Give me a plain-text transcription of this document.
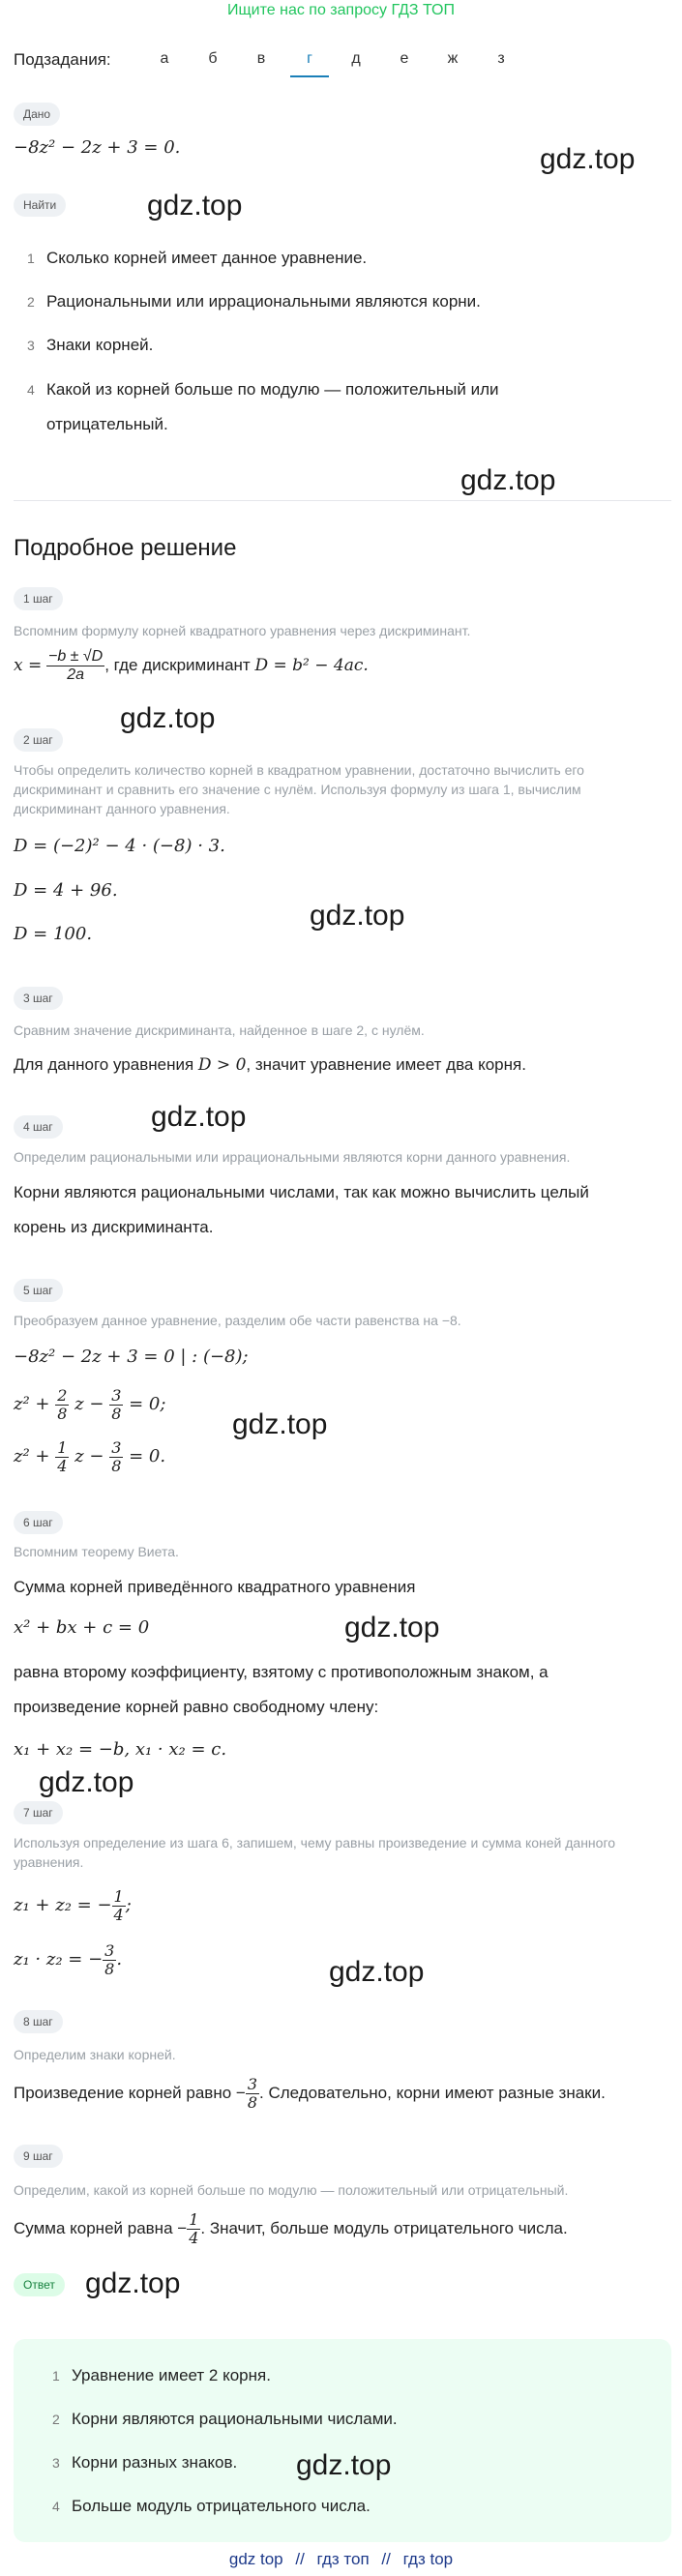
Ищите нас по запросу ГДЗ ТОП
Подзадания:	а	б	в	г	д	е	ж	з
Дано
−8z² − 2z + 3 = 0.	gdz.top
Найти	gdz.top
1 Сколько корней имеет данное уравнение.
2 Рациональными или иррациональными являются корни.
3 Знаки корней.
4 Какой из корней больше по модулю — положительный или
отрицательный.
gdz.top
Подробное решение
1 шаг
Вспомним формулу корней квадратного уравнения через дискриминант.
$x = \frac{-b \pm √D}{2a}$ , где дискриминант D = b² − 4ac.
gdz.top
2 шаг
Чтобы определить количество корней в квадратном уравнении, достаточно вычислить его дискриминант и сравнить его значение с нулём. Используя формулу из шага 1, вычислим дискриминант данного уравнения.
D = (−2)² − 4 · (−8) · 3.
D = 4 + 96.
gdz.top
D = 100.
3 шаг
Сравним значение дискриминанта, найденное в шаге 2, с нулём.
Для данного уравнения D > 0, значит уравнение имеет два корня.
gdz.top
4 шаг
Определим рациональными или иррациональными являются корни данного уравнения.
Корни являются рациональными числами, так как можно вычислить целый
корень из дискриминанта.
5 шаг
Преобразуем данное уравнение, разделим обе части равенства на −8.
−8z² − 2z + 3 = 0 | : (−8);
$z^2 + \frac{2}{8}$ $z - \frac{3}{8} = 0$;
gdz.top
$z^2 + \frac{1}{4}$ $z - \frac{3}{8} = 0$.
6 шаг
Вспомним теорему Виета.
Сумма корней приведённого квадратного уравнения
x² + bx + c = 0	gdz.top
равна второму коэффициенту, взятому с противоположным знаком, а
произведение корней равно свободному члену:
x₁ + x₂ = −b, x₁ · x₂ = c.
gdz.top
7 шаг
Используя определение из шага 6, запишем, чему равны произведение и сумма коней данного уравнения.
z₁ + z₂ = − $\frac{1}{4}$ ;
z₁ · z₂ = − $\frac{3}{8}$ .	gdz.top
8 шаг
Определим знаки корней.
Произведение корней равно − $\frac{3}{8}$ . Следовательно, корни имеют разные знаки.
9 шаг
Определим, какой из корней больше по модулю — положительный или отрицательный.
Сумма корней равна − $\frac{1}{4}$ . Значит, больше модуль отрицательного числа.
Ответ	gdz.top
1 Уравнение имеет 2 корня.
2 Корни являются рациональными числами.
3 Корни разных знаков. gdz.top
4 Больше модуль отрицательного числа.
gdz top // гдз топ // гдз top
